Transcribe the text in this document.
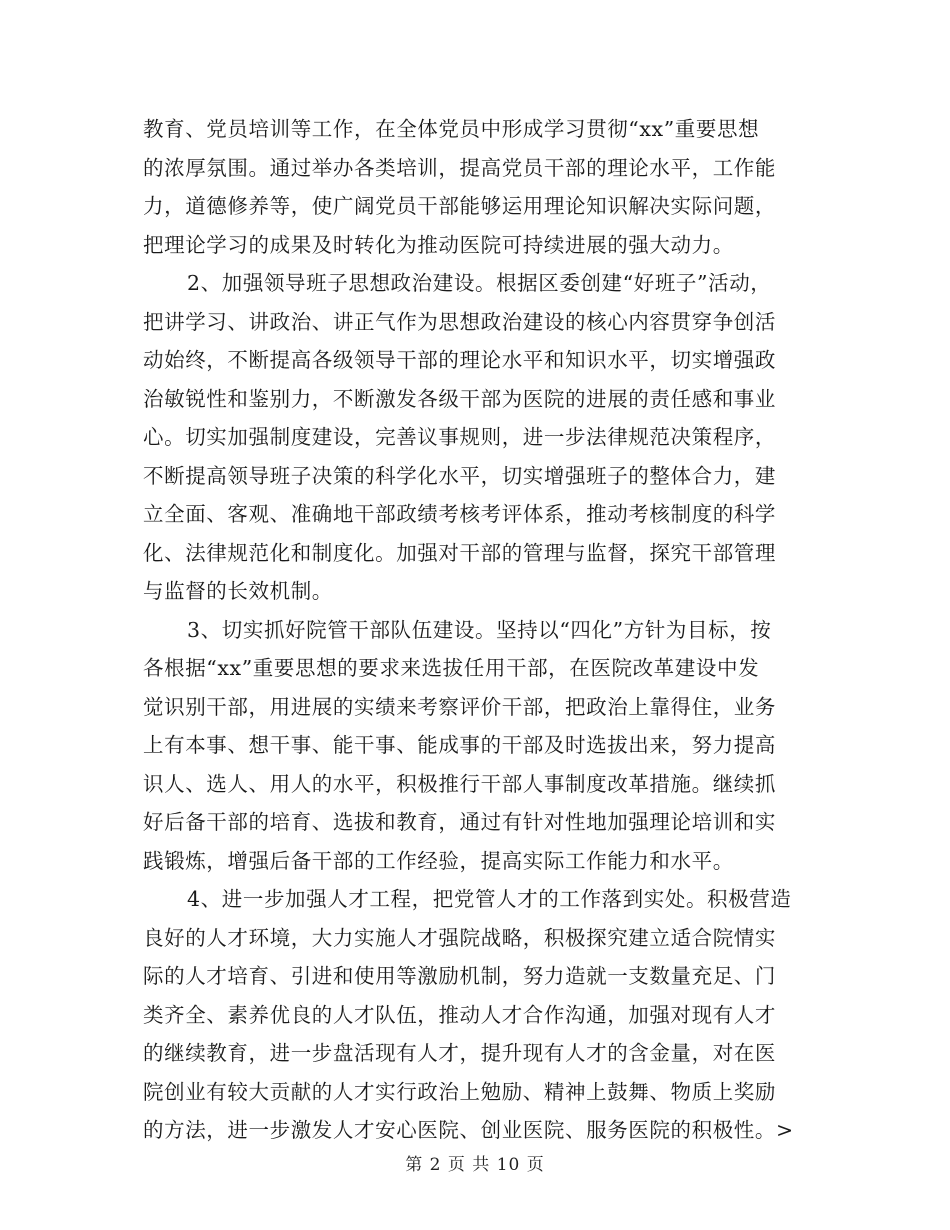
教育、党员培训等工作，在全体党员中形成学习贯彻“xx”重要思想
的浓厚氛围。通过举办各类培训，提高党员干部的理论水平，工作能
力，道德修养等，使广阔党员干部能够运用理论知识解决实际问题，
把理论学习的成果及时转化为推动医院可持续进展的强大动力。
2、加强领导班子思想政治建设。根据区委创建“好班子”活动，
把讲学习、讲政治、讲正气作为思想政治建设的核心内容贯穿争创活
动始终，不断提高各级领导干部的理论水平和知识水平，切实增强政
治敏锐性和鉴别力，不断激发各级干部为医院的进展的责任感和事业
心。切实加强制度建设，完善议事规则，进一步法律规范决策程序，
不断提高领导班子决策的科学化水平，切实增强班子的整体合力，建
立全面、客观、准确地干部政绩考核考评体系，推动考核制度的科学
化、法律规范化和制度化。加强对干部的管理与监督，探究干部管理
与监督的长效机制。
3、切实抓好院管干部队伍建设。坚持以“四化”方针为目标，按
各根据“xx”重要思想的要求来选拔任用干部，在医院改革建设中发
觉识别干部，用进展的实绩来考察评价干部，把政治上靠得住，业务
上有本事、想干事、能干事、能成事的干部及时选拔出来，努力提高
识人、选人、用人的水平，积极推行干部人事制度改革措施。继续抓
好后备干部的培育、选拔和教育，通过有针对性地加强理论培训和实
践锻炼，增强后备干部的工作经验，提高实际工作能力和水平。
4、进一步加强人才工程，把党管人才的工作落到实处。积极营造
良好的人才环境，大力实施人才强院战略，积极探究建立适合院情实
际的人才培育、引进和使用等激励机制，努力造就一支数量充足、门
类齐全、素养优良的人才队伍，推动人才合作沟通，加强对现有人才
的继续教育，进一步盘活现有人才，提升现有人才的含金量，对在医
院创业有较大贡献的人才实行政治上勉励、精神上鼓舞、物质上奖励
的方法，进一步激发人才安心医院、创业医院、服务医院的积极性。>
第 2 页 共 10 页
